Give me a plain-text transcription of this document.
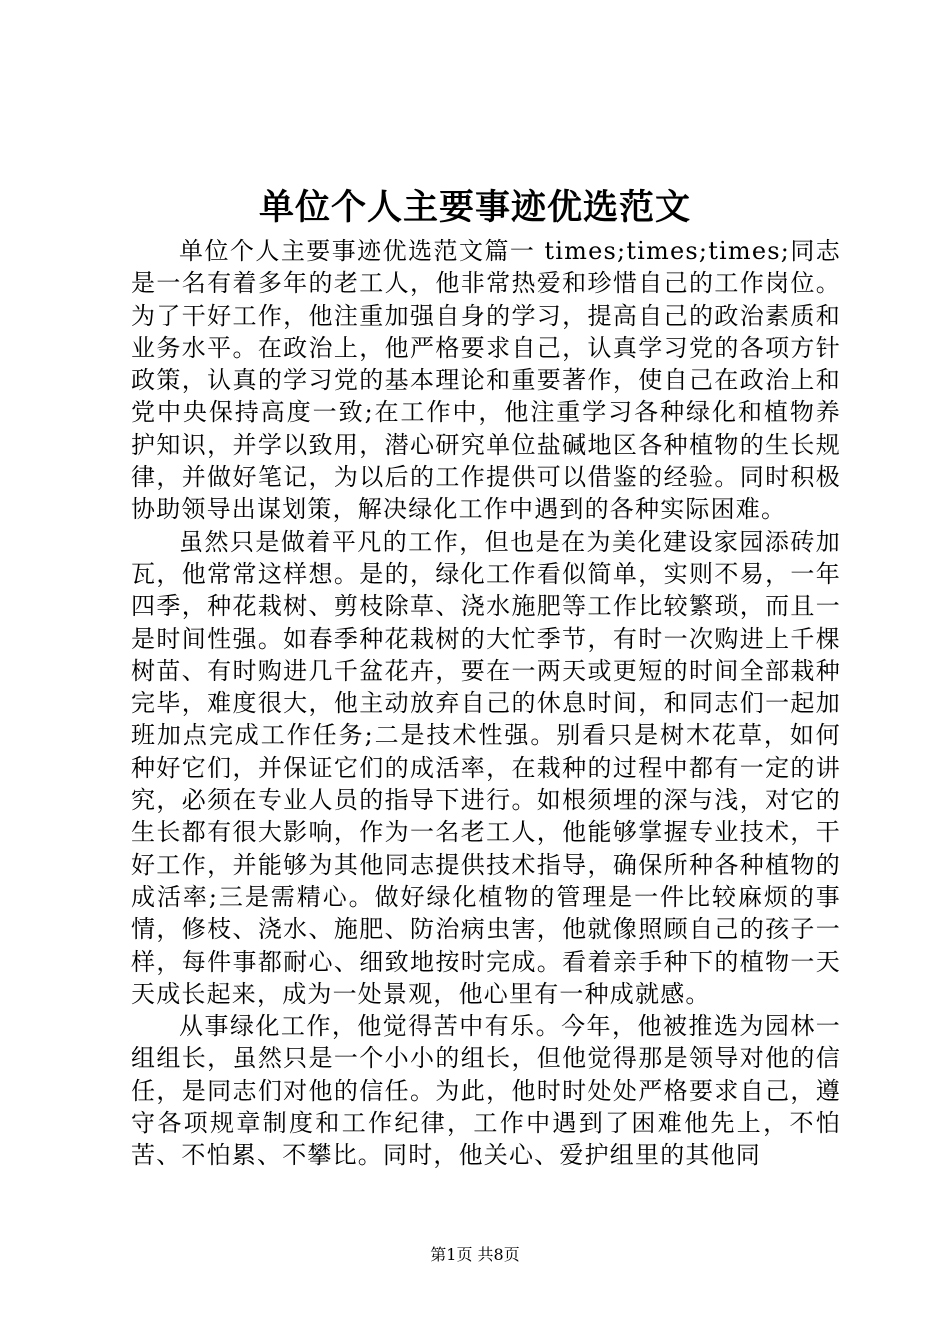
单位个人主要事迹优选范文

单位个人主要事迹优选范文篇一 times;times;times;同志是一名有着多年的老工人，他非常热爱和珍惜自己的工作岗位。为了干好工作，他注重加强自身的学习，提高自己的政治素质和业务水平。在政治上，他严格要求自己，认真学习党的各项方针政策，认真的学习党的基本理论和重要著作，使自己在政治上和党中央保持高度一致;在工作中，他注重学习各种绿化和植物养护知识，并学以致用，潜心研究单位盐碱地区各种植物的生长规律，并做好笔记，为以后的工作提供可以借鉴的经验。同时积极协助领导出谋划策，解决绿化工作中遇到的各种实际困难。

虽然只是做着平凡的工作，但也是在为美化建设家园添砖加瓦，他常常这样想。是的，绿化工作看似简单，实则不易，一年四季，种花栽树、剪枝除草、浇水施肥等工作比较繁琐，而且一是时间性强。如春季种花栽树的大忙季节，有时一次购进上千棵树苗、有时购进几千盆花卉，要在一两天或更短的时间全部栽种完毕，难度很大，他主动放弃自己的休息时间，和同志们一起加班加点完成工作任务;二是技术性强。别看只是树木花草，如何种好它们，并保证它们的成活率，在栽种的过程中都有一定的讲究，必须在专业人员的指导下进行。如根须埋的深与浅，对它的生长都有很大影响，作为一名老工人，他能够掌握专业技术，干好工作，并能够为其他同志提供技术指导，确保所种各种植物的成活率;三是需精心。做好绿化植物的管理是一件比较麻烦的事情，修枝、浇水、施肥、防治病虫害，他就像照顾自己的孩子一样，每件事都耐心、细致地按时完成。看着亲手种下的植物一天天成长起来，成为一处景观，他心里有一种成就感。

从事绿化工作，他觉得苦中有乐。今年，他被推选为园林一组组长，虽然只是一个小小的组长，但他觉得那是领导对他的信任，是同志们对他的信任。为此，他时时处处严格要求自己，遵守各项规章制度和工作纪律，工作中遇到了困难他先上，不怕苦、不怕累、不攀比。同时，他关心、爱护组里的其他同

第1页 共8页
